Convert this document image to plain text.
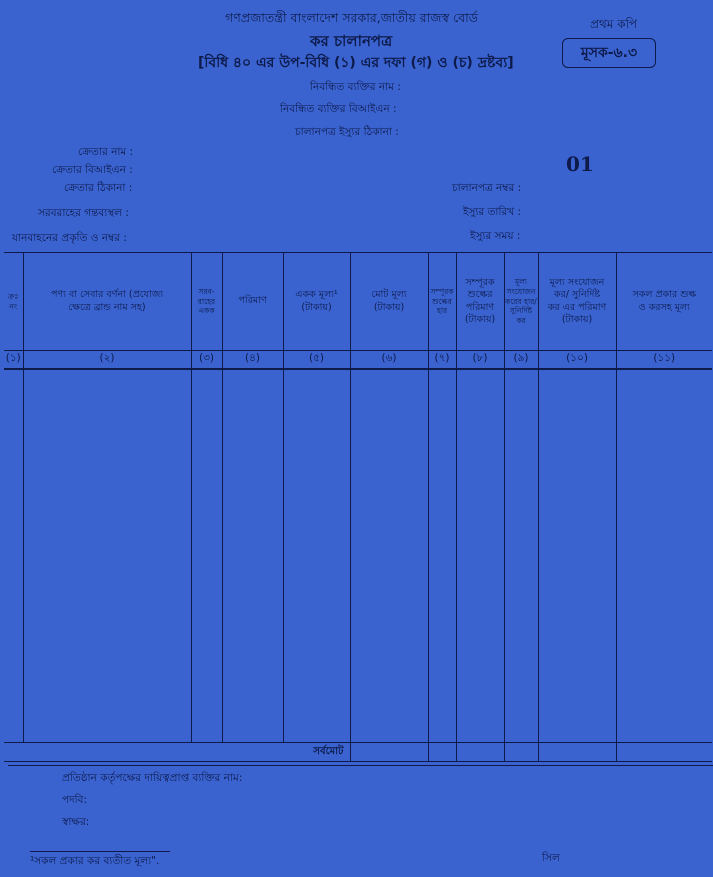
গণপ্রজাতন্ত্রী বাংলাদেশ সরকার,জাতীয় রাজস্ব বোর্ড
কর চালানপত্র
[বিধি ৪০ এর উপ-বিধি (১) এর দফা (গ) ও (চ) দ্রষ্টব্য]
প্রথম কপি
মূসক-৬.৩
নিবন্ধিত ব্যক্তির নাম :
নিবন্ধিত ব্যক্তির বিআইএন :
চালানপত্র ইস্যুর ঠিকানা :
ক্রেতার নাম :
ক্রেতার বিআইএন :
ক্রেতার ঠিকানা :
সরবরাহের গন্তব্যস্থল :
যানবাহনের প্রকৃতি ও নম্বর :
01
চালানপত্র নম্বর :
ইস্যুর তারিখ :
ইস্যুর সময় :
ক্রঃ নং	পণ্য বা সেবার বর্ণনা (প্রযোজ্য ক্ষেত্রে ব্রান্ড নাম সহ)	সরব-রাহের একক	পরিমাণ	একক মূল্য¹ (টাকায়)	মোট মূল্য (টাকায়)	সম্পূরক শুল্কের হার	সম্পূরক শুল্কের পরিমাণ (টাকায়)	মূল্য সংযোজন করের হার/ সুনির্দিষ্ট কর	মূল্য সংযোজন কর/ সুনির্দিষ্ট কর এর পরিমাণ (টাকায়)	সকল প্রকার শুল্ক ও করসহ মূল্য
(১)	(২)	(৩)	(৪)	(৫)	(৬)	(৭)	(৮)	(৯)	(১০)	(১১)

সর্বমোট										
প্রতিষ্ঠান কর্তৃপক্ষের দায়িত্বপ্রাপ্ত ব্যক্তির নাম:
পদবি:
স্বাক্ষর:
সিল
¹সকল প্রকার কর ব্যতীত মূল্য".
